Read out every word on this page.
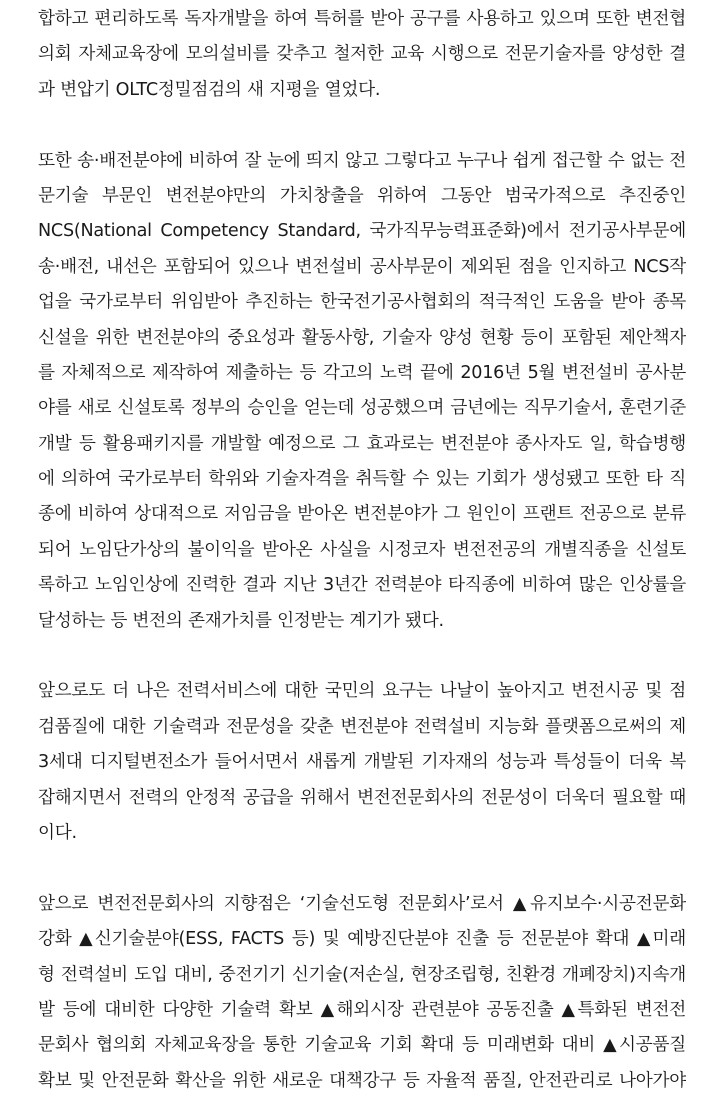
합하고 편리하도록 독자개발을 하여 특허를 받아 공구를 사용하고 있으며 또한 변전협
의회 자체교육장에 모의설비를 갖추고 철저한 교육 시행으로 전문기술자를 양성한 결
과 변압기 OLTC정밀점검의 새 지평을 열었다.
또한 송·배전분야에 비하여 잘 눈에 띄지 않고 그렇다고 누구나 쉽게 접근할 수 없는 전
문기술 부문인 변전분야만의 가치창출을 위하여 그동안 범국가적으로 추진중인
NCS(National Competency Standard, 국가직무능력표준화)에서 전기공사부문에
송·배전, 내선은 포함되어 있으나 변전설비 공사부문이 제외된 점을 인지하고 NCS작
업을 국가로부터 위임받아 추진하는 한국전기공사협회의 적극적인 도움을 받아 종목
신설을 위한 변전분야의 중요성과 활동사항, 기술자 양성 현황 등이 포함된 제안책자
를 자체적으로 제작하여 제출하는 등 각고의 노력 끝에 2016년 5월 변전설비 공사분
야를 새로 신설토록 정부의 승인을 얻는데 성공했으며 금년에는 직무기술서, 훈련기준
개발 등 활용패키지를 개발할 예정으로 그 효과로는 변전분야 종사자도 일, 학습병행
에 의하여 국가로부터 학위와 기술자격을 취득할 수 있는 기회가 생성됐고 또한 타 직
종에 비하여 상대적으로 저임금을 받아온 변전분야가 그 원인이 프랜트 전공으로 분류
되어 노임단가상의 불이익을 받아온 사실을 시정코자 변전전공의 개별직종을 신설토
록하고 노임인상에 진력한 결과 지난 3년간 전력분야 타직종에 비하여 많은 인상률을
달성하는 등 변전의 존재가치를 인정받는 계기가 됐다.
앞으로도 더 나은 전력서비스에 대한 국민의 요구는 나날이 높아지고 변전시공 및 점
검품질에 대한 기술력과 전문성을 갖춘 변전분야 전력설비 지능화 플랫폼으로써의 제
3세대 디지털변전소가 들어서면서 새롭게 개발된 기자재의 성능과 특성들이 더욱 복
잡해지면서 전력의 안정적 공급을 위해서 변전전문회사의 전문성이 더욱더 필요할 때
이다.
앞으로 변전전문회사의 지향점은 ‘기술선도형 전문회사’로서 ▲유지보수·시공전문화
강화 ▲신기술분야(ESS, FACTS 등) 및 예방진단분야 진출 등 전문분야 확대 ▲미래
형 전력설비 도입 대비, 중전기기 신기술(저손실, 현장조립형, 친환경 개폐장치)지속개
발 등에 대비한 다양한 기술력 확보 ▲해외시장 관련분야 공동진출 ▲특화된 변전전
문회사 협의회 자체교육장을 통한 기술교육 기회 확대 등 미래변화 대비 ▲시공품질
확보 및 안전문화 확산을 위한 새로운 대책강구 등 자율적 품질, 안전관리로 나아가야
